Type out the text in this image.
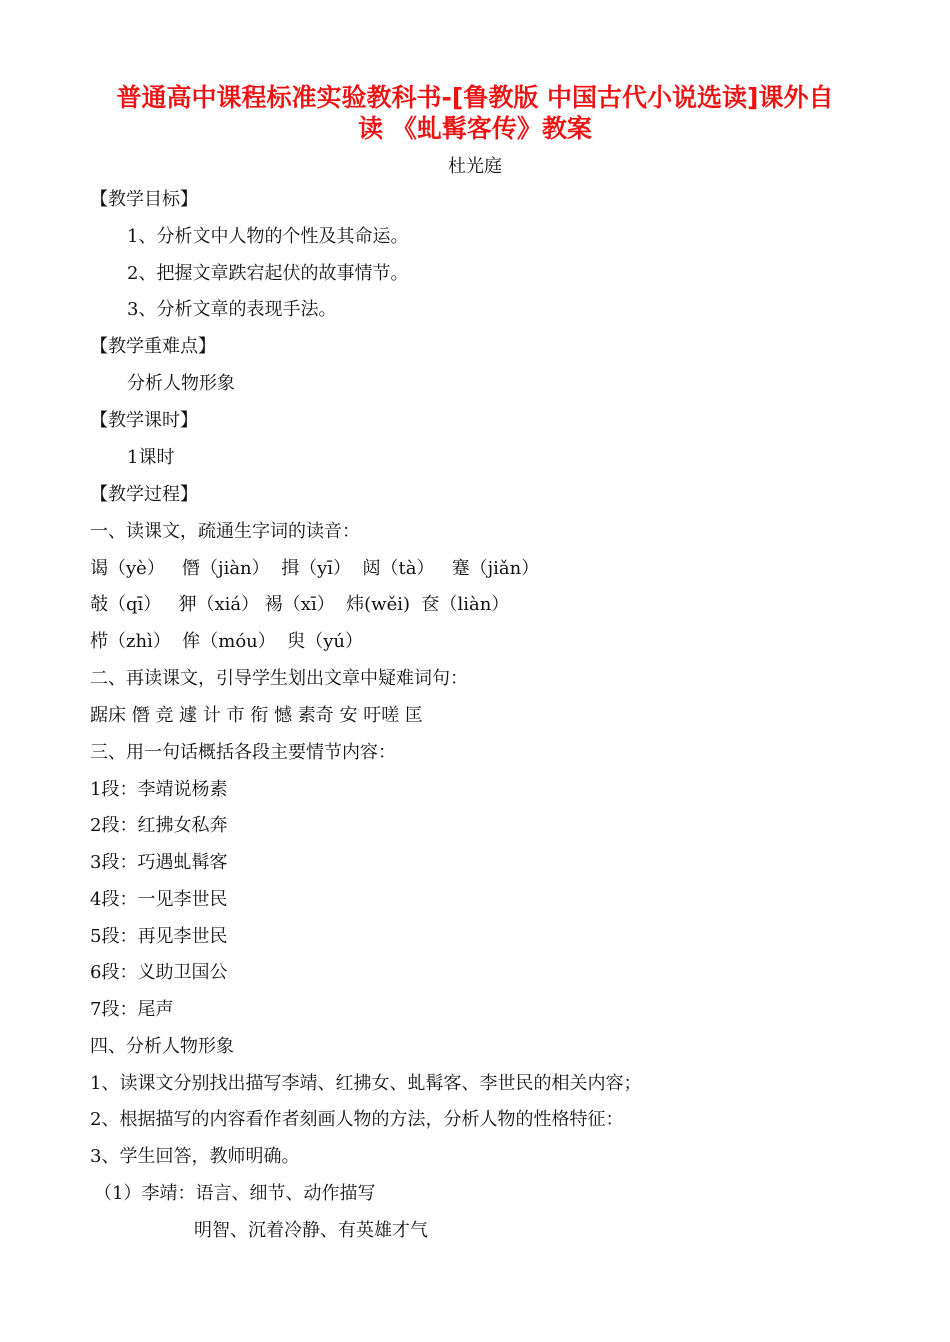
普通高中课程标准实验教科书-[鲁教版 中国古代小说选读]课外自
读 《虬髯客传》教案
杜光庭
【教学目标】
1、分析文中人物的个性及其命运。
2、把握文章跌宕起伏的故事情节。
3、分析文章的表现手法。
【教学重难点】
分析人物形象
【教学课时】
1课时
【教学过程】
一、读课文，疏通生字词的读音：
谒（yè）   僭（jiàn）  揖（yī）  闼（tà）   蹇（jiǎn）
攲（qī）   狎（xiá） 裼（xī）  炜(wěi)  奁（liàn）
栉（zhì）  侔（móu）  臾（yú）
二、再读课文，引导学生划出文章中疑难词句：
踞床 僭 竞 遽 计 市 衔 憾 素奇 安 吁嗟 匡
三、用一句话概括各段主要情节内容：
1段：李靖说杨素
2段：红拂女私奔
3段：巧遇虬髯客
4段：一见李世民
5段：再见李世民
6段：义助卫国公
7段：尾声
四、分析人物形象
1、读课文分别找出描写李靖、红拂女、虬髯客、李世民的相关内容；
2、根据描写的内容看作者刻画人物的方法，分析人物的性格特征：
3、学生回答，教师明确。
（1）李靖：语言、细节、动作描写
明智、沉着冷静、有英雄才气
